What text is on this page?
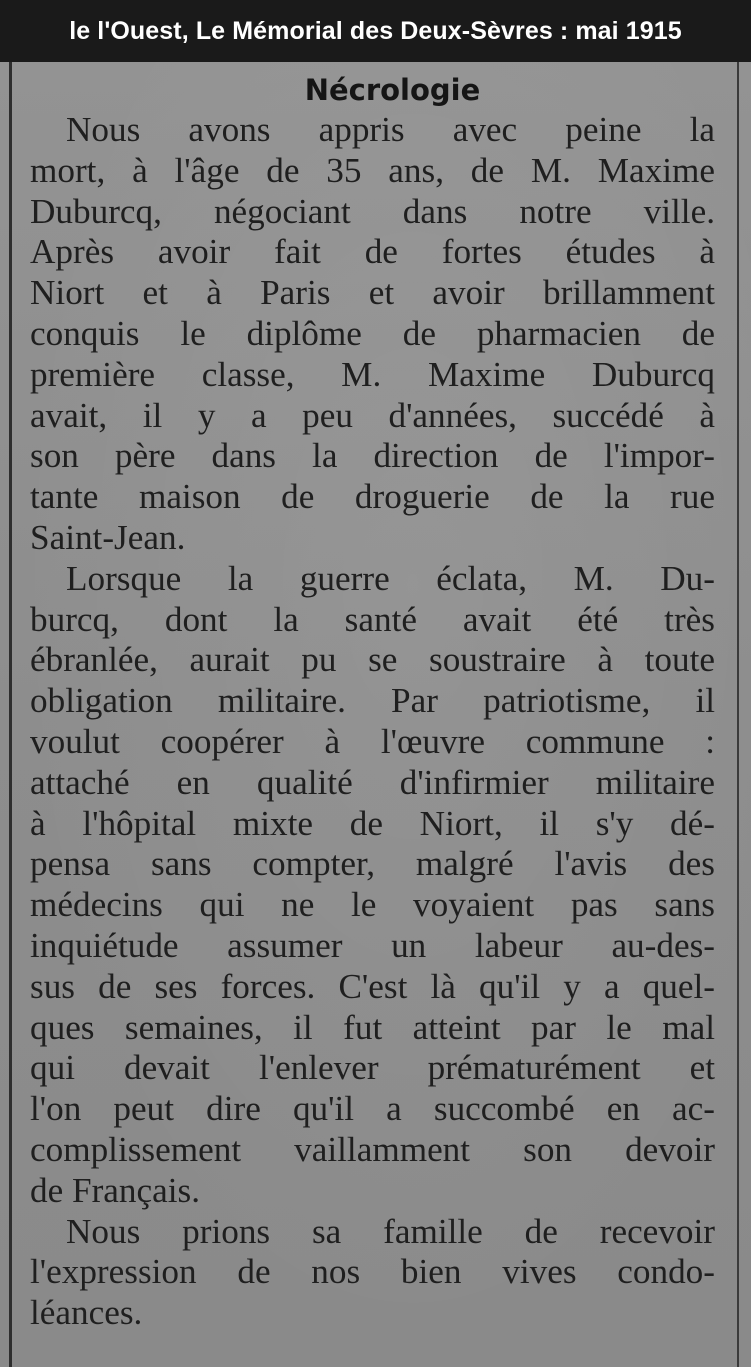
le l'Ouest, Le Mémorial des Deux-Sèvres : mai 1915
Nécrologie
Nous avons appris avec peine la
mort, à l'âge de 35 ans, de M. Maxime
Duburcq, négociant dans notre ville.
Après avoir fait de fortes études à
Niort et à Paris et avoir brillamment
conquis le diplôme de pharmacien de
première classe, M. Maxime Duburcq
avait, il y a peu d'années, succédé à
son père dans la direction de l'impor-
tante maison de droguerie de la rue
Saint-Jean.
Lorsque la guerre éclata, M. Du-
burcq, dont la santé avait été très
ébranlée, aurait pu se soustraire à toute
obligation militaire. Par patriotisme, il
voulut coopérer à l'œuvre commune :
attaché en qualité d'infirmier militaire
à l'hôpital mixte de Niort, il s'y dé-
pensa sans compter, malgré l'avis des
médecins qui ne le voyaient pas sans
inquiétude assumer un labeur au-des-
sus de ses forces. C'est là qu'il y a quel-
ques semaines, il fut atteint par le mal
qui devait l'enlever prématurément et
l'on peut dire qu'il a succombé en ac-
complissement vaillamment son devoir
de Français.
Nous prions sa famille de recevoir
l'expression de nos bien vives condo-
léances.
